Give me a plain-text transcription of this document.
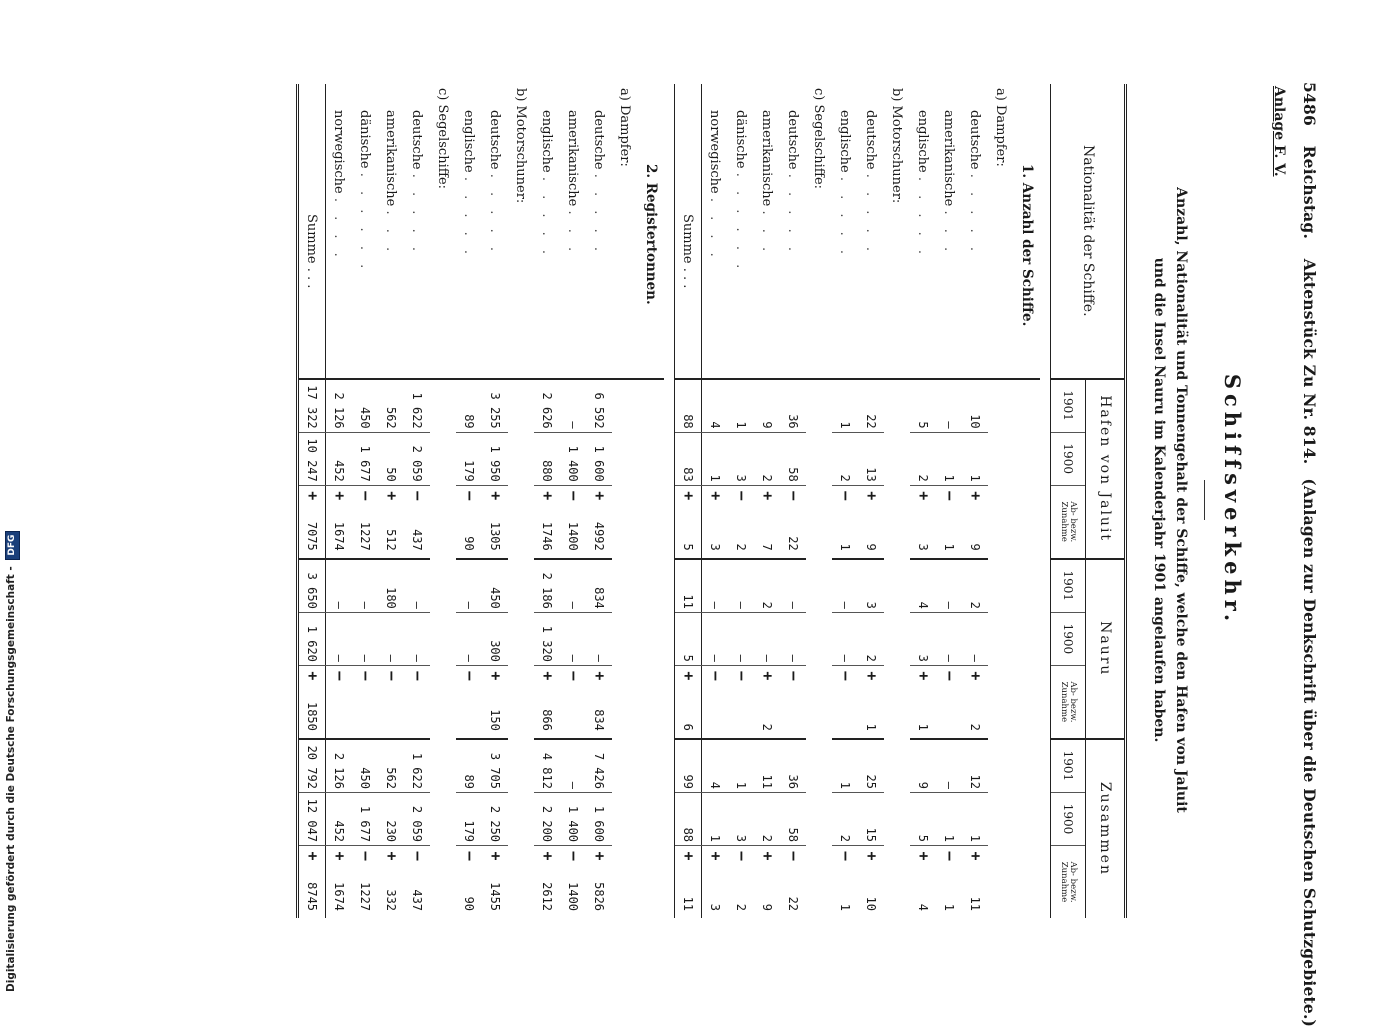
5486 Reichstag. Aktenstück Zu Nr. 814.
(Anlagen zur Denkschrift über die Deutschen Schutzgebiete.)
Anlage F. V.
Schiffsverkehr.
Anzahl, Nationalität und Tonnengehalt der Schiffe, welche den Hafen von Jaluit und die Insel Nauru im Kalenderjahr 1901 angelaufen haben.
Nationalität der Schiffe.	Hafen von Jaluit			Nauru			Zusammen		
	1901	1900	Ab- bezw. Zunahme	1901	1900	Ab- bezw. Zunahme	1901	1900	Ab- bezw. Zunahme

1. Anzahl der Schiffe.									
a) Dampfer:									
deutsche . . . . .	10	1	+9	2	—	+2	12	1	+11
amerikanische . . .	—	1	—1	—	—	—	—	1	—1
englische . . . . .	5	2	+3	4	3	+1	9	5	+4
b) Motorschuner:									
deutsche . . . . .	22	13	+9	3	2	+1	25	15	+10
englische . . . . .	1	2	—1	—	—	—	1	2	—1
c) Segelschiffe:									
deutsche . . . . .	36	58	—22	—	—	—	36	58	—22
amerikanische . . .	9	2	+7	2	—	+2	11	2	+9
dänische . . . . . .	1	3	—2	—	—	—	1	3	—2
norwegische . . . .	4	1	+3	—	—	—	4	1	+3
Summe . . .	88	83	+5	11	5	+6	99	88	+11

2. Registertonnen.									
a) Dampfer:									
deutsche . . . . .	6 592	1 600	+4992	834	—	+834	7 426	1 600	+5826
amerikanische . . .	—	1 400	—1400	—	—	—	—	1 400	—1400
englische . . . . .	2 626	880	+1746	2 186	1 320	+866	4 812	2 200	+2612
b) Motorschuner:									
deutsche . . . . .	3 255	1 950	+1305	450	300	+150	3 705	2 250	+1455
englische . . . . .	89	179	—90	—	—	—	89	179	—90
c) Segelschiffe:									
deutsche . . . . .	1 622	2 059	—437	—	—	—	1 622	2 059	—437
amerikanische . . .	562	50	+512	180	—	—	562	230	+332
dänische . . . . . .	450	1 677	—1227	—	—	—	450	1 677	—1227
norwegische . . . .	2 126	452	+1674	—	—	—	2 126	452	+1674
Summe . . .	17 322	10 247	+7075	3 650	1 620	+1850	20 792	12 047	+8745
Digitalisierung gefördert durch die Deutsche Forschungsgemeinschaft - DFG
